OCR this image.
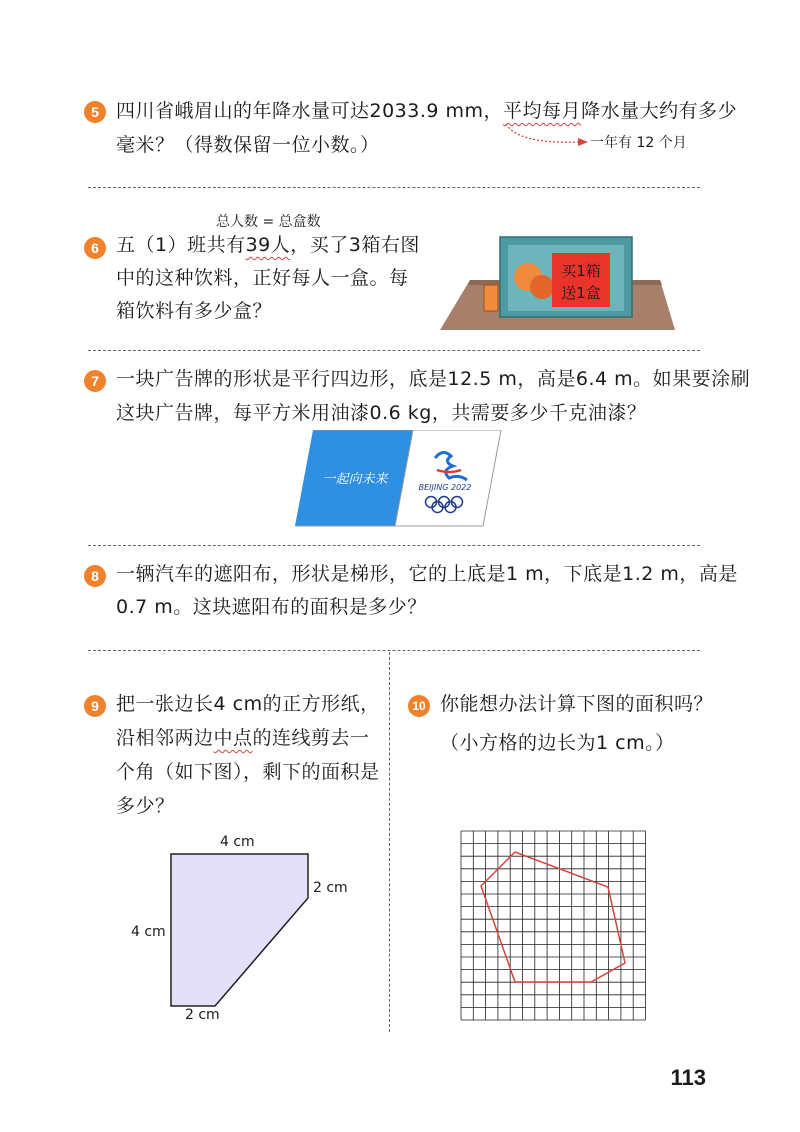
5 四川省峨眉山的年降水量可达2033.9 mm，平均每月降水量大约有多少
毫米？（得数保留一位小数。）	一年有 12 个月
总人数 = 总盒数
6 五（1）班共有39人，买了3箱右图
中的这种饮料，正好每人一盒。每
箱饮料有多少盒？
买1箱
送1盒
7 一块广告牌的形状是平行四边形，底是12.5 m，高是6.4 m。如果要涂刷
这块广告牌，每平方米用油漆0.6 kg，共需要多少千克油漆？
一起向未来
BEIJING 2022
8 一辆汽车的遮阳布，形状是梯形，它的上底是1 m，下底是1.2 m，高是
0.7 m。这块遮阳布的面积是多少？
9 把一张边长4 cm的正方形纸，
沿相邻两边中点的连线剪去一
个角（如下图），剩下的面积是
多少？
4 cm
2 cm
4 cm
2 cm
10 你能想办法计算下图的面积吗？
（小方格的边长为1 cm。）
113
